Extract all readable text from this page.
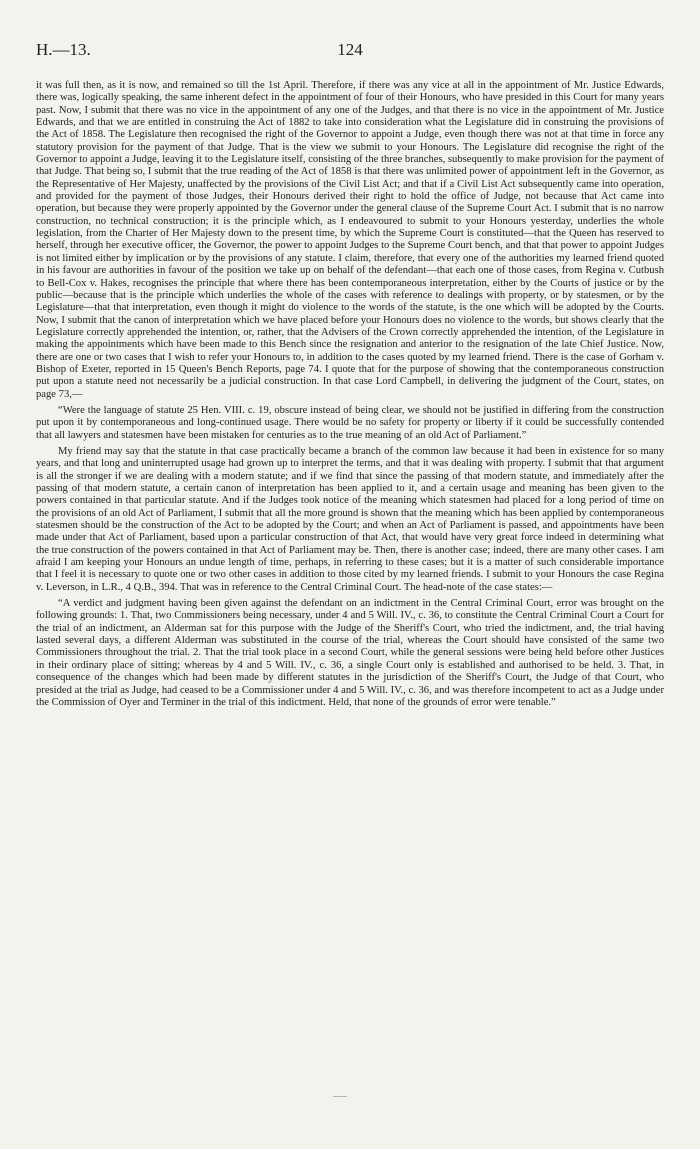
H.—13.	124

it was full then, as it is now, and remained so till the 1st April. Therefore, if there was any vice at all in the appointment of Mr. Justice Edwards, there was, logically speaking, the same inherent defect in the appointment of four of their Honours, who have presided in this Court for many years past. Now, I submit that there was no vice in the appointment of any one of the Judges, and that there is no vice in the appointment of Mr. Justice Edwards, and that we are entitled in construing the Act of 1882 to take into consideration what the Legislature did in construing the provisions of the Act of 1858. The Legislature then recognised the right of the Governor to appoint a Judge, even though there was not at that time in force any statutory provision for the payment of that Judge. That is the view we submit to your Honours. The Legislature did recognise the right of the Governor to appoint a Judge, leaving it to the Legislature itself, consisting of the three branches, subsequently to make provision for the payment of that Judge. That being so, I submit that the true reading of the Act of 1858 is that there was unlimited power of appointment left in the Governor, as the Representative of Her Majesty, unaffected by the provisions of the Civil List Act; and that if a Civil List Act subsequently came into operation, and provided for the payment of those Judges, their Honours derived their right to hold the office of Judge, not because that Act came into operation, but because they were properly appointed by the Governor under the general clause of the Supreme Court Act. I submit that is no narrow construction, no technical construction; it is the principle which, as I endeavoured to submit to your Honours yesterday, underlies the whole legislation, from the Charter of Her Majesty down to the present time, by which the Supreme Court is constituted—that the Queen has reserved to herself, through her executive officer, the Governor, the power to appoint Judges to the Supreme Court bench, and that that power to appoint Judges is not limited either by implication or by the provisions of any statute. I claim, therefore, that every one of the authorities my learned friend quoted in his favour are authorities in favour of the position we take up on behalf of the defendant—that each one of those cases, from Regina v. Cutbush to Bell-Cox v. Hakes, recognises the principle that where there has been contemporaneous interpretation, either by the Courts of justice or by the public—because that is the principle which underlies the whole of the cases with reference to dealings with property, or by statesmen, or by the Legislature—that that interpretation, even though it might do violence to the words of the statute, is the one which will be adopted by the Courts. Now, I submit that the canon of interpretation which we have placed before your Honours does no violence to the words, but shows clearly that the Legislature correctly apprehended the intention, or, rather, that the Advisers of the Crown correctly apprehended the intention, of the Legislature in making the appointments which have been made to this Bench since the resignation and anterior to the resignation of the late Chief Justice. Now, there are one or two cases that I wish to refer your Honours to, in addition to the cases quoted by my learned friend. There is the case of Gorham v. Bishop of Exeter, reported in 15 Queen's Bench Reports, page 74. I quote that for the purpose of showing that the contemporaneous construction put upon a statute need not necessarily be a judicial construction. In that case Lord Campbell, in delivering the judgment of the Court, states, on page 73,—

“Were the language of statute 25 Hen. VIII. c. 19, obscure instead of being clear, we should not be justified in differing from the construction put upon it by contemporaneous and long-continued usage. There would be no safety for property or liberty if it could be successfully contended that all lawyers and statesmen have been mistaken for centuries as to the true meaning of an old Act of Parliament.”

My friend may say that the statute in that case practically became a branch of the common law because it had been in existence for so many years, and that long and uninterrupted usage had grown up to interpret the terms, and that it was dealing with property. I submit that that argument is all the stronger if we are dealing with a modern statute; and if we find that since the passing of that modern statute, and immediately after the passing of that modern statute, a certain canon of interpretation has been applied to it, and a certain usage and meaning has been given to the powers contained in that particular statute. And if the Judges took notice of the meaning which statesmen had placed for a long period of time on the provisions of an old Act of Parliament, I submit that all the more ground is shown that the meaning which has been applied by contemporaneous statesmen should be the construction of the Act to be adopted by the Court; and when an Act of Parliament is passed, and appointments have been made under that Act of Parliament, based upon a particular construction of that Act, that would have very great force indeed in determining what the true construction of the powers contained in that Act of Parliament may be. Then, there is another case; indeed, there are many other cases. I am afraid I am keeping your Honours an undue length of time, perhaps, in referring to these cases; but it is a matter of such considerable importance that I feel it is necessary to quote one or two other cases in addition to those cited by my learned friends. I submit to your Honours the case Regina v. Leverson, in L.R., 4 Q.B., 394. That was in reference to the Central Criminal Court. The head-note of the case states:—

“A verdict and judgment having been given against the defendant on an indictment in the Central Criminal Court, error was brought on the following grounds: 1. That, two Commissioners being necessary, under 4 and 5 Will. IV., c. 36, to constitute the Central Criminal Court a Court for the trial of an indictment, an Alderman sat for this purpose with the Judge of the Sheriff's Court, who tried the indictment, and, the trial having lasted several days, a different Alderman was substituted in the course of the trial, whereas the Court should have consisted of the same two Commissioners throughout the trial. 2. That the trial took place in a second Court, while the general sessions were being held before other Justices in their ordinary place of sitting; whereas by 4 and 5 Will. IV., c. 36, a single Court only is established and authorised to be held. 3. That, in consequence of the changes which had been made by different statutes in the jurisdiction of the Sheriff's Court, the Judge of that Court, who presided at the trial as Judge, had ceased to be a Commissioner under 4 and 5 Will. IV., c. 36, and was therefore incompetent to act as a Judge under the Commission of Oyer and Terminer in the trial of this indictment. Held, that none of the grounds of error were tenable.”
